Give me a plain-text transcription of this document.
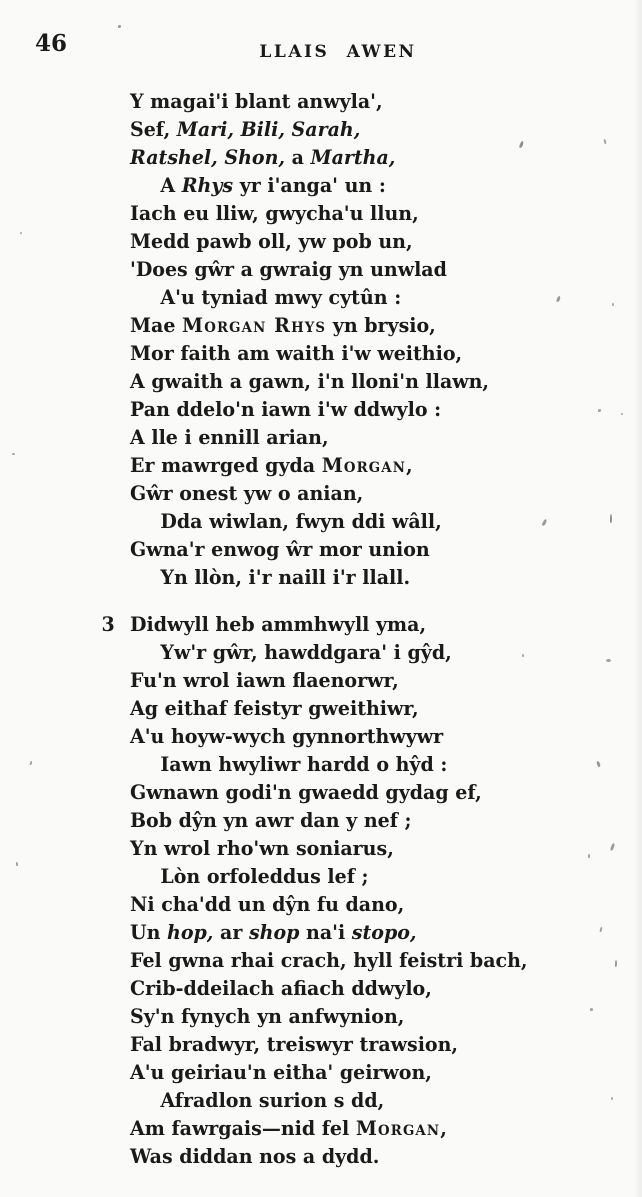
46	LLAIS AWEN
Y magai'i blant anwyla',
Sef, Mari, Bili, Sarah,
Ratshel, Shon, a Martha,
A Rhys yr i'anga' un :
Iach eu lliw, gwycha'u llun,
Medd pawb oll, yw pob un,
'Does gŵr a gwraig yn unwlad
A'u tyniad mwy cytûn :
Mae Morgan Rhys yn brysio,
Mor faith am waith i'w weithio,
A gwaith a gawn, i'n lloni'n llawn,
Pan ddelo'n iawn i'w ddwylo :
A lle i ennill arian,
Er mawrged gyda Morgan,
Gŵr onest yw o anian,
Dda wiwlan, fwyn ddi wâll,
Gwna'r enwog ŵr mor union
Yn llòn, i'r naill i'r llall.
3 Didwyll heb ammhwyll yma,
Yw'r gŵr, hawddgara' i gŷd,
Fu'n wrol iawn flaenorwr,
Ag eithaf feistyr gweithiwr,
A'u hoyw-wych gynnorthwywr
Iawn hwyliwr hardd o hŷd :
Gwnawn godi'n gwaedd gydag ef,
Bob dŷn yn awr dan y nef ;
Yn wrol rho'wn soniarus,
Lòn orfoleddus lef ;
Ni cha'dd un dŷn fu dano,
Un hop, ar shop na'i stopo,
Fel gwna rhai crach, hyll feistri bach,
Crib-ddeilach afiach ddwylo,
Sy'n fynych yn anfwynion,
Fal bradwyr, treiswyr trawsion,
A'u geiriau'n eitha' geirwon,
Afradlon surion s dd,
Am fawrgais—nid fel Morgan,
Was diddan nos a dydd.
